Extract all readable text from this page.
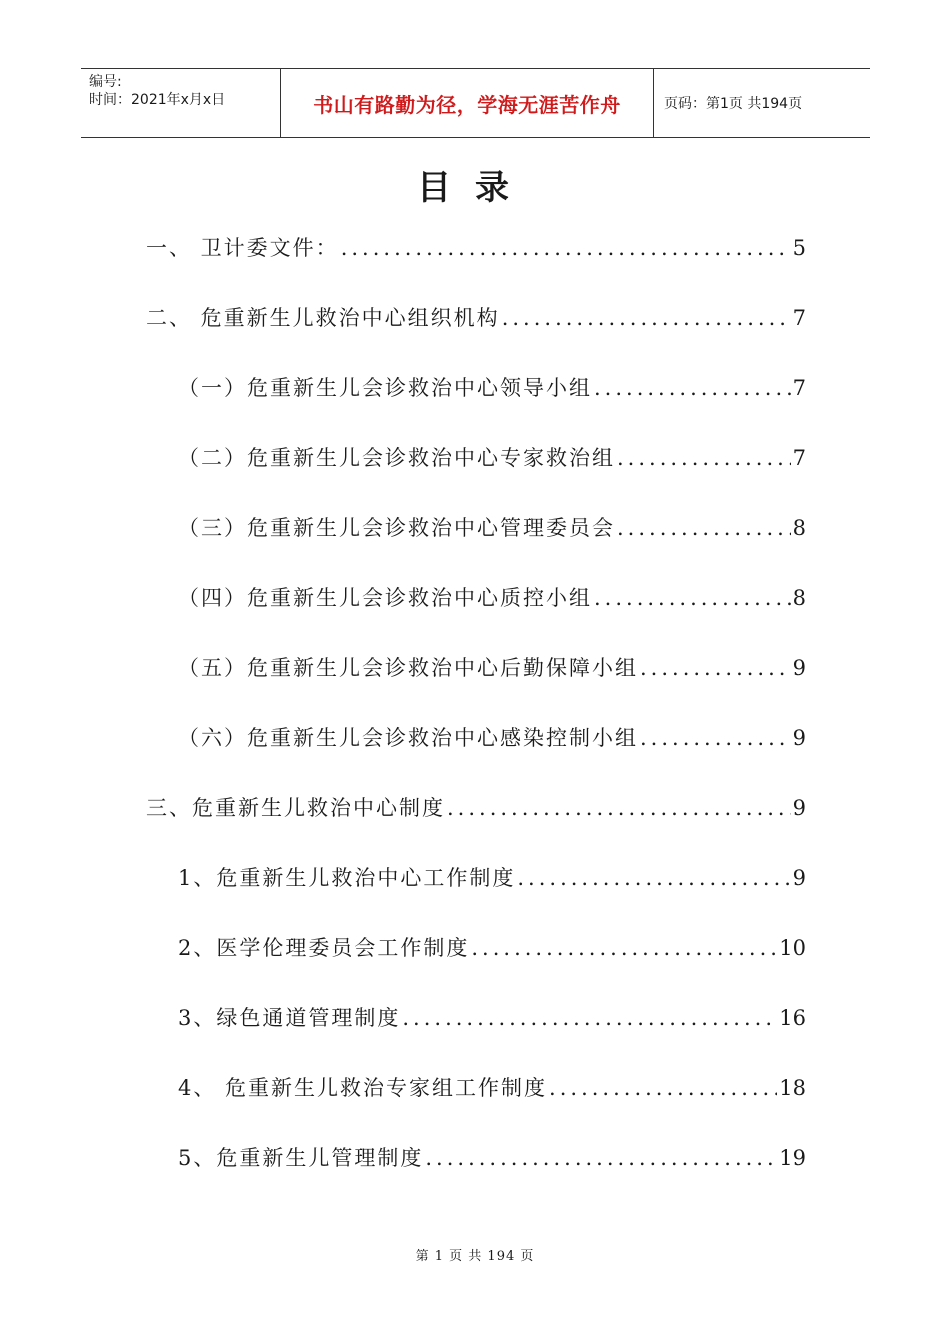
编号:
时间：2021年x月x日	书山有路勤为径，学海无涯苦作舟	页码：第1页 共194页
目录
一、 卫计委文件： .....	5
二、 危重新生儿救治中心组织机构 .....	7
（一）危重新生儿会诊救治中心领导小组 .....	7
（二）危重新生儿会诊救治中心专家救治组 .....	7
（三）危重新生儿会诊救治中心管理委员会 .....	8
（四）危重新生儿会诊救治中心质控小组 .....	8
（五）危重新生儿会诊救治中心后勤保障小组 .....	9
（六）危重新生儿会诊救治中心感染控制小组 .....	9
三、危重新生儿救治中心制度 .....	9
1、危重新生儿救治中心工作制度 .....	9
2、医学伦理委员会工作制度 .....	10
3、绿色通道管理制度 .....	16
4、 危重新生儿救治专家组工作制度 .....	18
5、危重新生儿管理制度 .....	19
第 1 页 共 194 页
